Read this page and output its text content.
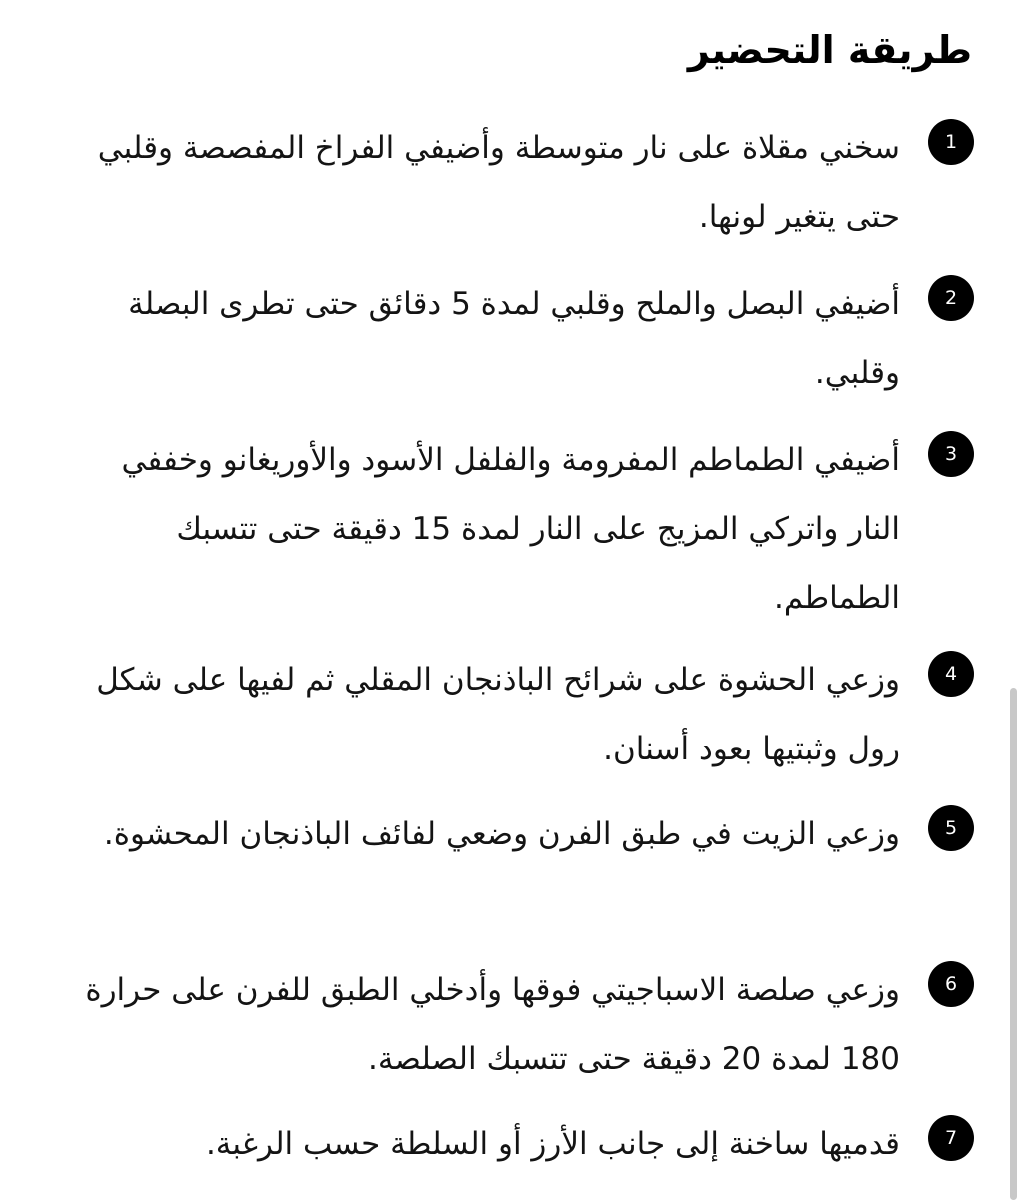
طريقة التحضير
1

سخني مقلاة على نار متوسطة وأضيفي الفراخ المفصصة وقلبي حتى يتغير لونها.

2

أضيفي البصل والملح وقلبي لمدة 5 دقائق حتى تطرى البصلة وقلبي.

3

أضيفي الطماطم المفرومة والفلفل الأسود والأوريغانو وخففي النار واتركي المزيج على النار لمدة 15 دقيقة حتى تتسبك الطماطم.

4

وزعي الحشوة على شرائح الباذنجان المقلي ثم لفيها على شكل رول وثبتيها بعود أسنان.

5

وزعي الزيت في طبق الفرن وضعي لفائف الباذنجان المحشوة.

6

وزعي صلصة الاسباجيتي فوقها وأدخلي الطبق للفرن على حرارة 180 لمدة 20 دقيقة حتى تتسبك الصلصة.

7

قدميها ساخنة إلى جانب الأرز أو السلطة حسب الرغبة.
